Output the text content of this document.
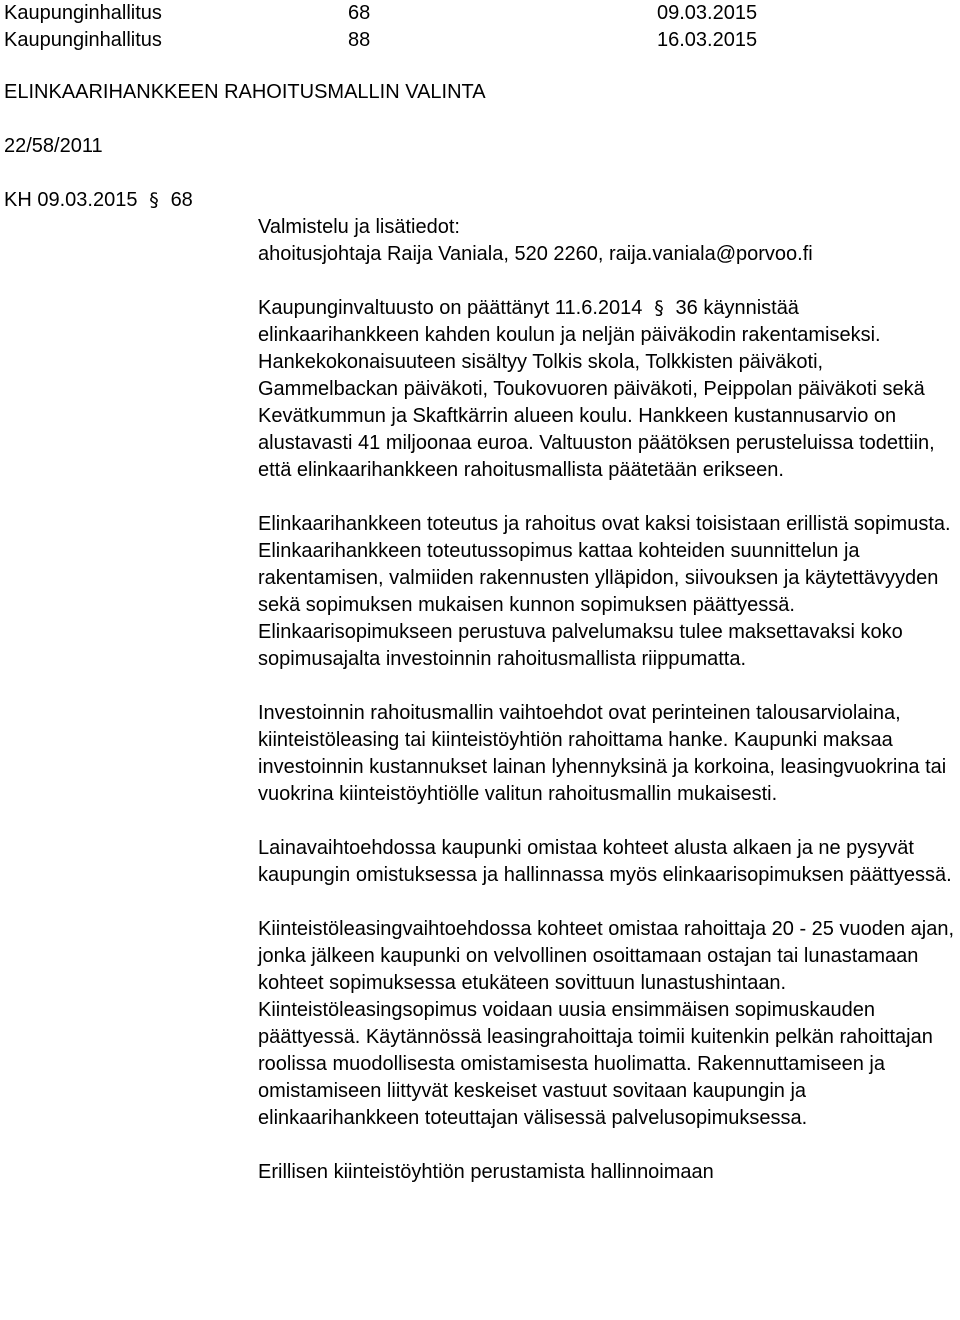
Kaupunginhallitus	68	09.03.2015
Kaupunginhallitus	88	16.03.2015
ELINKAARIHANKKEEN RAHOITUSMALLIN VALINTA
22/58/2011
KH 09.03.2015 § 68

Valmistelu ja lisätiedot:

ahoitusjohtaja Raija Vaniala, 520 2260, raija.vaniala@porvoo.fi

Kaupunginvaltuusto on päättänyt 11.6.2014 § 36 käynnistää elinkaarihankkeen kahden koulun ja neljän päiväkodin rakentamiseksi. Hankekokonaisuuteen sisältyy Tolkis skola, Tolkkisten päiväkoti, Gammelbackan päiväkoti, Toukovuoren päiväkoti, Peippolan päiväkoti sekä Kevätkummun ja Skaftkärrin alueen koulu. Hankkeen kustannusarvio on alustavasti 41 miljoonaa euroa. Valtuuston päätöksen perusteluissa todettiin, että elinkaarihankkeen rahoitusmallista päätetään erikseen.

Elinkaarihankkeen toteutus ja rahoitus ovat kaksi toisistaan erillistä sopimusta. Elinkaarihankkeen toteutussopimus kattaa kohteiden suunnittelun ja rakentamisen, valmiiden rakennusten ylläpidon, siivouksen ja käytettävyyden sekä sopimuksen mukaisen kunnon sopimuksen päättyessä. Elinkaarisopimukseen perustuva palvelumaksu tulee maksettavaksi koko sopimusajalta investoinnin rahoitusmallista riippumatta.

Investoinnin rahoitusmallin vaihtoehdot ovat perinteinen talousarviolaina, kiinteistöleasing tai kiinteistöyhtiön rahoittama hanke. Kaupunki maksaa investoinnin kustannukset lainan lyhennyksinä ja korkoina, leasingvuokrina tai vuokrina kiinteistöyhtiölle valitun rahoitusmallin mukaisesti.

Lainavaihtoehdossa kaupunki omistaa kohteet alusta alkaen ja ne pysyvät kaupungin omistuksessa ja hallinnassa myös elinkaarisopimuksen päättyessä.

Kiinteistöleasingvaihtoehdossa kohteet omistaa rahoittaja 20 - 25 vuoden ajan, jonka jälkeen kaupunki on velvollinen osoittamaan ostajan tai lunastamaan kohteet sopimuksessa etukäteen sovittuun lunastushintaan. Kiinteistöleasingsopimus voidaan uusia ensimmäisen sopimuskauden päättyessä. Käytännössä leasingrahoittaja toimii kuitenkin pelkän rahoittajan roolissa muodollisesta omistamisesta huolimatta. Rakennuttamiseen ja omistamiseen liittyvät keskeiset vastuut sovitaan kaupungin ja elinkaarihankkeen toteuttajan välisessä palvelusopimuksessa.

Erillisen kiinteistöyhtiön perustamista hallinnoimaan
